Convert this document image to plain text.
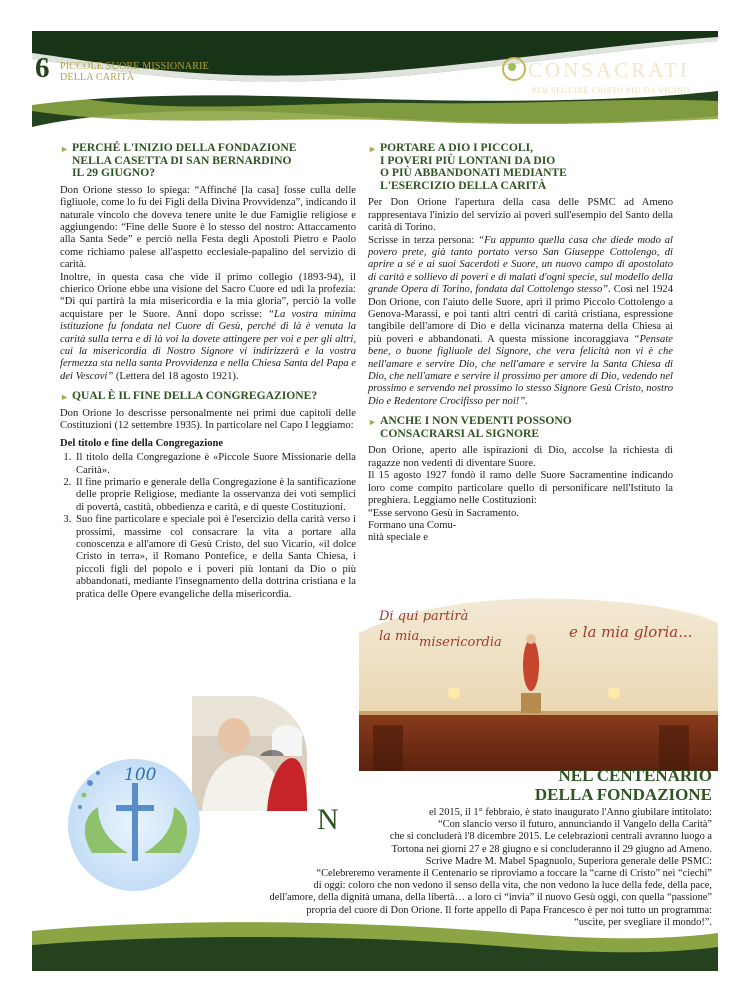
6 PICCOLE SUORE MISSIONARIE
DELLA CARITÀ	CONSACRATI
PER SEGUIRE CRISTO PIÙ DA VICINO
► PERCHÉ L'INIZIO DELLA FONDAZIONE
NELLA CASETTA DI SAN BERNARDINO
IL 29 GIUGNO?

Don Orione stesso lo spiega: “Affinché [la casa] fosse culla delle figliuole, come lo fu dei Figli della Divina Provvidenza”, indicando il naturale vincolo che doveva tenere unite le due Famiglie religiose e aggiungendo: “Fine delle Suore è lo stesso del nostro: Attaccamento alla Santa Sede” e perciò nella Festa degli Apostoli Pietro e Paolo come richiamo palese all'aspetto ecclesiale-papalino del servizio di carità.

Inoltre, in questa casa che vide il primo collegio (1893-94), il chierico Orione ebbe una visione del Sacro Cuore ed udì la profezia: “Di qui partirà la mia misericordia e la mia gloria”, perciò la volle acquistare per le Suore. Anni dopo scrisse: “La vostra minima istituzione fu fondata nel Cuore di Gesù, perché di là è venuta la carità sulla terra e di là voi la dovete attingere per voi e per gli altri, cui la misericordia di Nostro Signore vi indirizzerà e la vostra fermezza sta nella santa Provvidenza e nella Chiesa Santa del Papa e dei Vescovi” (Lettera del 18 agosto 1921).

► QUAL È IL FINE DELLA CONGREGAZIONE?

Don Orione lo descrisse personalmente nei primi due capitoli delle Costituzioni (12 settembre 1935). In particolare nel Capo I leggiamo:

Del titolo e fine della Congregazione
1. Il titolo della Congregazione è «Piccole Suore Missionarie della Carità».
2. Il fine primario e generale della Congregazione è la santificazione delle proprie Religiose, mediante la osservanza dei voti semplici di povertà, castità, obbedienza e carità, e di queste Costituzioni.
3. Suo fine particolare e speciale poi è l'esercizio della carità verso i prossimi, massime col consacrare la vita a portare alla conoscenza e all'amore di Gesù Cristo, del suo Vicario, «il dolce Cristo in terra», il Romano Pontefice, e della Santa Chiesa, i piccoli figli del popolo e i poveri più lontani da Dio o più abbandonati, mediante l'insegnamento della dottrina cristiana e la pratica delle Opere evangeliche della misericordia.
► PORTARE A DIO I PICCOLI,
I POVERI PIÙ LONTANI DA DIO
O PIÙ ABBANDONATI MEDIANTE
L'ESERCIZIO DELLA CARITÀ

Per Don Orione l'apertura della casa delle PSMC ad Ameno rappresentava l'inizio del servizio ai poveri sull'esempio del Santo della carità di Torino.

Scrisse in terza persona: “Fu appunto quella casa che diede modo al povero prete, già tanto portato verso San Giuseppe Cottolengo, di aprire a sé e ai suoi Sacerdoti e Suore, un nuovo campo di apostolato di carità e sollievo di poveri e di malati d'ogni specie, sul modello della grande Opera di Torino, fondata dal Cottolengo stesso”. Così nel 1924 Don Orione, con l'aiuto delle Suore, aprì il primo Piccolo Cottolengo a Genova-Marassi, e poi tanti altri centri di carità cristiana, espressione tangibile dell'amore di Dio e della vicinanza materna della Chiesa ai più poveri e abbandonati. A questa missione incoraggiava “Pensate bene, o buone figliuole del Signore, che vera felicità non vi è che nell'amare e servire Dio, che nell'amare e servire la Santa Chiesa di Dio, che nell'amare e servire il prossimo per amore di Dio, vedendo nel prossimo e servendo nel prossimo lo stesso Signore Gesù Cristo, nostro Dio e Redentore Crocifisso per noi!”.

► ANCHE I NON VEDENTI POSSONO
CONSACRARSI AL SIGNORE

Don Orione, aperto alle ispirazioni di Dio, accolse la richiesta di ragazze non vedenti di diventare Suore.

Il 15 agosto 1927 fondò il ramo delle Suore Sacramentine indicando loro come compito particolare quello di personificare nell'Istituto la preghiera. Leggiamo nelle Costituzioni:

“Esse servono Gesù in Sacramento.

Formano una Comu-

nità speciale e

Di qui partirà
la mia misericordia
e la mia gloria...
100	NEL CENTENARIO
DELLA FONDAZIONE
N	el 2015, il 1° febbraio, è stato inaugurato l'Anno giubilare intitolato:
“Con slancio verso il futuro, annunciando il Vangelo della Carità”
che si concluderà l'8 dicembre 2015. Le celebrazioni centrali avranno luogo a
Tortona nei giorni 27 e 28 giugno e si concluderanno il 29 giugno ad Ameno.
Scrive Madre M. Mabel Spagnuolo, Superiora generale delle PSMC:
“Celebreremo veramente il Centenario se riproviamo a toccare la “carne di Cristo” nei “ciechi”
di oggi: coloro che non vedono il senso della vita, che non vedono la luce della fede, della pace,
dell'amore, della dignità umana, della libertà… a loro ci “invia” il nuovo Gesù oggi, con quella “passione”
propria del cuore di Don Orione. Il forte appello di Papa Francesco è per noi tutto un programma:
“uscite, per svegliare il mondo!”.
